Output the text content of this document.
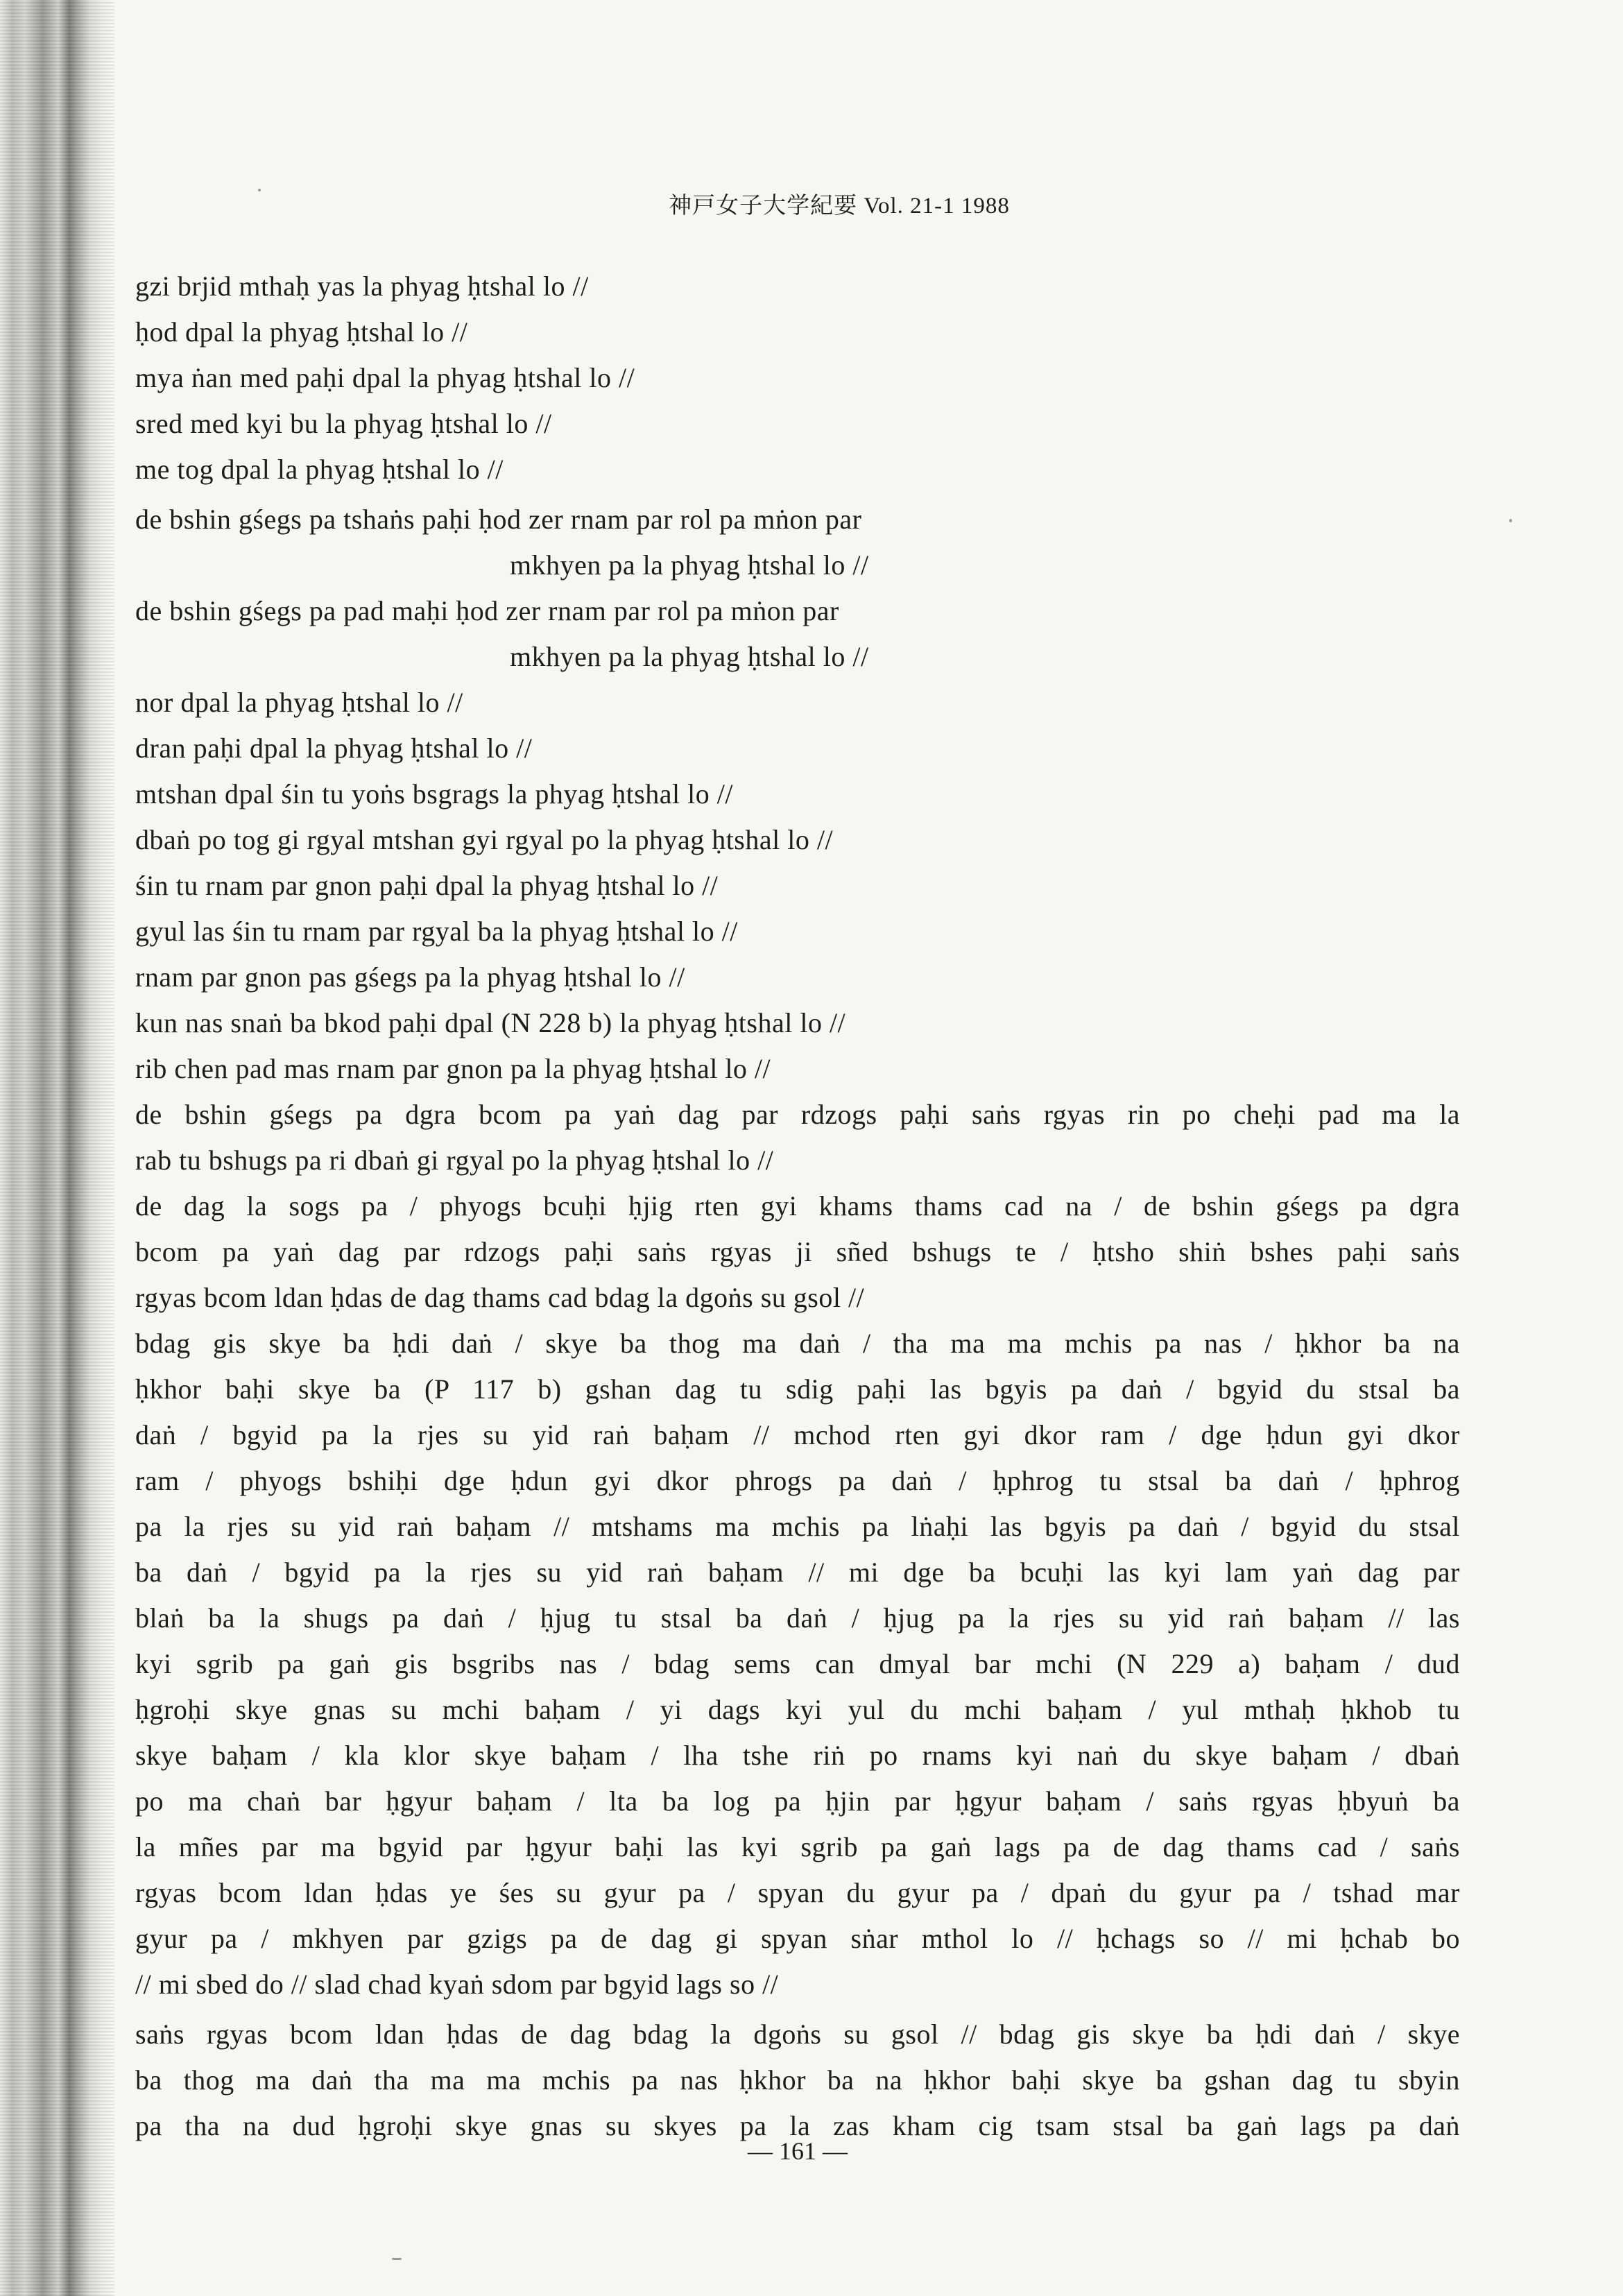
神戸女子大学紀要 Vol. 21-1 1988
gzi brjid mthaḥ yas la phyag ḥtshal lo //
ḥod dpal la phyag ḥtshal lo //
mya ṅan med paḥi dpal la phyag ḥtshal lo //
sred med kyi bu la phyag ḥtshal lo //
me tog dpal la phyag ḥtshal lo //
de bshin gśegs pa tshaṅs paḥi ḥod zer rnam par rol pa mṅon par
mkhyen pa la phyag ḥtshal lo //
de bshin gśegs pa pad maḥi ḥod zer rnam par rol pa mṅon par
mkhyen pa la phyag ḥtshal lo //
nor dpal la phyag ḥtshal lo //
dran paḥi dpal la phyag ḥtshal lo //
mtshan dpal śin tu yoṅs bsgrags la phyag ḥtshal lo //
dbaṅ po tog gi rgyal mtshan gyi rgyal po la phyag ḥtshal lo //
śin tu rnam par gnon paḥi dpal la phyag ḥtshal lo //
gyul las śin tu rnam par rgyal ba la phyag ḥtshal lo //
rnam par gnon pas gśegs pa la phyag ḥtshal lo //
kun nas snaṅ ba bkod paḥi dpal (N 228 b) la phyag ḥtshal lo //
rib chen pad mas rnam par gnon pa la phyag ḥtshal lo //
de bshin gśegs pa dgra bcom pa yaṅ dag par rdzogs paḥi saṅs rgyas rin po cheḥi pad ma la
rab tu bshugs pa ri dbaṅ gi rgyal po la phyag ḥtshal lo //
de dag la sogs pa / phyogs bcuḥi ḥjig rten gyi khams thams cad na / de bshin gśegs pa dgra
bcom pa yaṅ dag par rdzogs paḥi saṅs rgyas ji sñed bshugs te / ḥtsho shiṅ bshes paḥi saṅs
rgyas bcom ldan ḥdas de dag thams cad bdag la dgoṅs su gsol //
bdag gis skye ba ḥdi daṅ / skye ba thog ma daṅ / tha ma ma mchis pa nas / ḥkhor ba na
ḥkhor baḥi skye ba (P 117 b) gshan dag tu sdig paḥi las bgyis pa daṅ / bgyid du stsal ba
daṅ / bgyid pa la rjes su yid raṅ baḥam // mchod rten gyi dkor ram / dge ḥdun gyi dkor
ram / phyogs bshiḥi dge ḥdun gyi dkor phrogs pa daṅ / ḥphrog tu stsal ba daṅ / ḥphrog
pa la rjes su yid raṅ baḥam // mtshams ma mchis pa lṅaḥi las bgyis pa daṅ / bgyid du stsal
ba daṅ / bgyid pa la rjes su yid raṅ baḥam // mi dge ba bcuḥi las kyi lam yaṅ dag par
blaṅ ba la shugs pa daṅ / ḥjug tu stsal ba daṅ / ḥjug pa la rjes su yid raṅ baḥam // las
kyi sgrib pa gaṅ gis bsgribs nas / bdag sems can dmyal bar mchi (N 229 a) baḥam / dud
ḥgroḥi skye gnas su mchi baḥam / yi dags kyi yul du mchi baḥam / yul mthaḥ ḥkhob tu
skye baḥam / kla klor skye baḥam / lha tshe riṅ po rnams kyi naṅ du skye baḥam / dbaṅ
po ma chaṅ bar ḥgyur baḥam / lta ba log pa ḥjin par ḥgyur baḥam / saṅs rgyas ḥbyuṅ ba
la mñes par ma bgyid par ḥgyur baḥi las kyi sgrib pa gaṅ lags pa de dag thams cad / saṅs
rgyas bcom ldan ḥdas ye śes su gyur pa / spyan du gyur pa / dpaṅ du gyur pa / tshad mar
gyur pa / mkhyen par gzigs pa de dag gi spyan sṅar mthol lo // ḥchags so // mi ḥchab bo
// mi sbed do // slad chad kyaṅ sdom par bgyid lags so //
saṅs rgyas bcom ldan ḥdas de dag bdag la dgoṅs su gsol // bdag gis skye ba ḥdi daṅ / skye
ba thog ma daṅ tha ma ma mchis pa nas ḥkhor ba na ḥkhor baḥi skye ba gshan dag tu sbyin
pa tha na dud ḥgroḥi skye gnas su skyes pa la zas kham cig tsam stsal ba gaṅ lags pa daṅ
— 161 —
